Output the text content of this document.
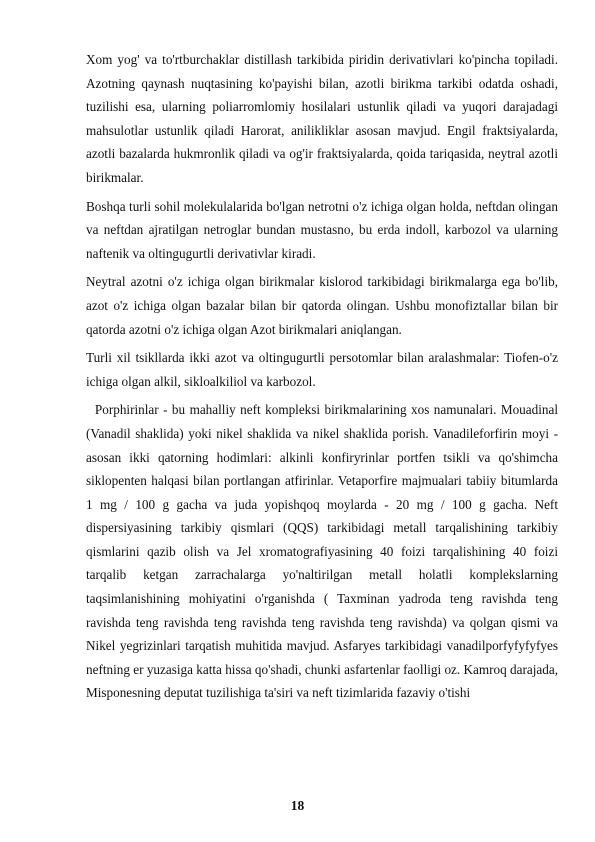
Xom yog' va to'rtburchaklar distillash tarkibida piridin derivativlari ko'pincha topiladi. Azotning qaynash nuqtasining ko'payishi bilan, azotli birikma tarkibi odatda oshadi, tuzilishi esa, ularning poliarromlomiy hosilalari ustunlik qiladi va yuqori darajadagi mahsulotlar ustunlik qiladi Harorat, anilikliklar asosan mavjud. Engil fraktsiyalarda, azotli bazalarda hukmronlik qiladi va og'ir fraktsiyalarda, qoida tariqasida, neytral azotli birikmalar.

Boshqa turli sohil molekulalarida bo'lgan netrotni o'z ichiga olgan holda, neftdan olingan va neftdan ajratilgan netroglar bundan mustasno, bu erda indoll, karbozol va ularning naftenik va oltingugurtli derivativlar kiradi.

Neytral azotni o'z ichiga olgan birikmalar kislorod tarkibidagi birikmalarga ega bo'lib, azot o'z ichiga olgan bazalar bilan bir qatorda olingan. Ushbu monofiztallar bilan bir qatorda azotni o'z ichiga olgan Azot birikmalari aniqlangan.

Turli xil tsikllarda ikki azot va oltingugurtli persotomlar bilan aralashmalar: Tiofen-o'z ichiga olgan alkil, sikloalkiliol va karbozol.

Porphirinlar - bu mahalliy neft kompleksi birikmalarining xos namunalari. Mouadinal (Vanadil shaklida) yoki nikel shaklida va nikel shaklida porish. Vanadileforfirin moyi - asosan ikki qatorning hodimlari: alkinli konfiryrinlar portfen tsikli va qo'shimcha siklopenten halqasi bilan portlangan atfirinlar. Vetaporfire majmualari tabiiy bitumlarda 1 mg / 100 g gacha va juda yopishqoq moylarda - 20 mg / 100 g gacha. Neft dispersiyasining tarkibiy qismlari (QQS) tarkibidagi metall tarqalishining tarkibiy qismlarini qazib olish va Jel xromatografiyasining 40 foizi tarqalishining 40 foizi tarqalib ketgan zarrachalarga yo'naltirilgan metall holatli komplekslarning taqsimlanishining mohiyatini o'rganishda ( Taxminan yadroda teng ravishda teng ravishda teng ravishda teng ravishda teng ravishda teng ravishda) va qolgan qismi va Nikel yegrizinlari tarqatish muhitida mavjud. Asfaryes tarkibidagi vanadilporfyfyfyfyes neftning er yuzasiga katta hissa qo'shadi, chunki asfartenlar faolligi oz. Kamroq darajada, Misponesning deputat tuzilishiga ta'siri va neft tizimlarida fazaviy o'tishi

18
